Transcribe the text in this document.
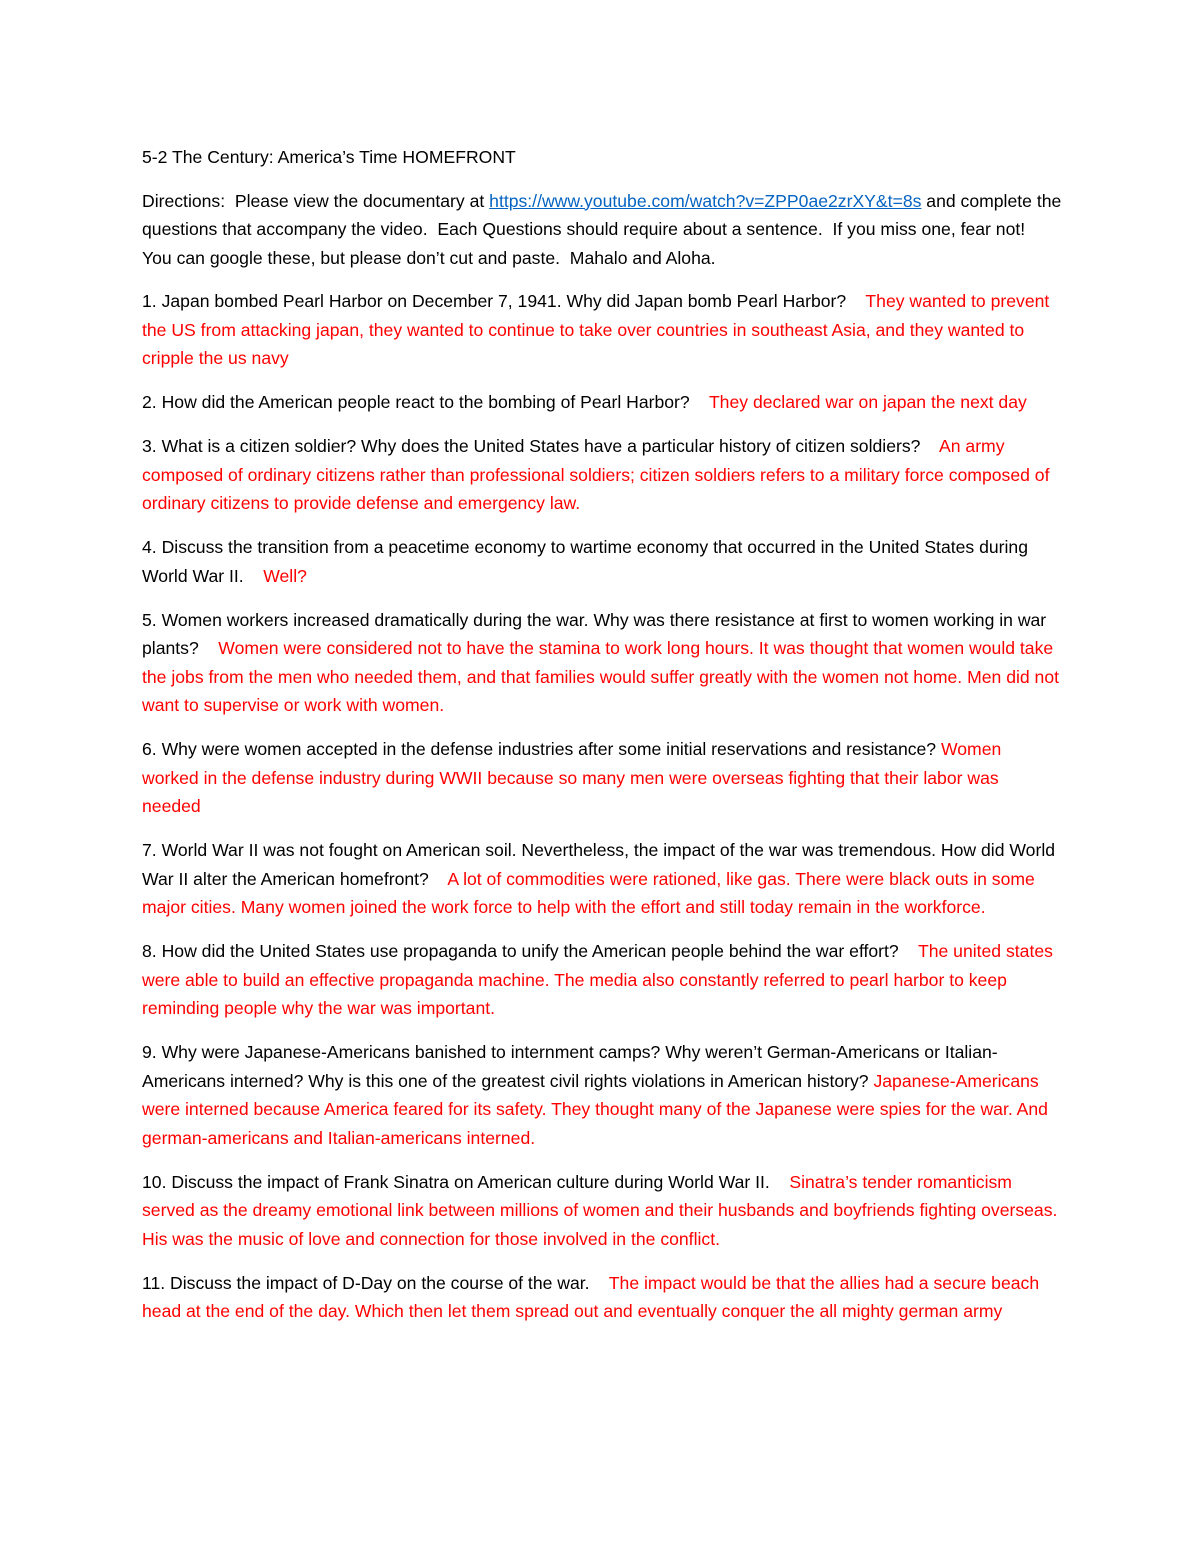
5-2 The Century: America’s Time HOMEFRONT

Directions:  Please view the documentary at https://www.youtube.com/watch?v=ZPP0ae2zrXY&t=8s and complete the questions that accompany the video.  Each Questions should require about a sentence.  If you miss one, fear not!  You can google these, but please don’t cut and paste.  Mahalo and Aloha.

1. Japan bombed Pearl Harbor on December 7, 1941. Why did Japan bomb Pearl Harbor?    They wanted to prevent the US from attacking japan, they wanted to continue to take over countries in southeast Asia, and they wanted to cripple the us navy

2. How did the American people react to the bombing of Pearl Harbor?    They declared war on japan the next day

3. What is a citizen soldier? Why does the United States have a particular history of citizen soldiers?    An army composed of ordinary citizens rather than professional soldiers; citizen soldiers refers to a military force composed of ordinary citizens to provide defense and emergency law.

4. Discuss the transition from a peacetime economy to wartime economy that occurred in the United States during World War II.    Well?

5. Women workers increased dramatically during the war. Why was there resistance at first to women working in war plants?    Women were considered not to have the stamina to work long hours. It was thought that women would take the jobs from the men who needed them, and that families would suffer greatly with the women not home. Men did not want to supervise or work with women.

6. Why were women accepted in the defense industries after some initial reservations and resistance? Women worked in the defense industry during WWII because so many men were overseas fighting that their labor was needed

7. World War II was not fought on American soil. Nevertheless, the impact of the war was tremendous. How did World War II alter the American homefront?    A lot of commodities were rationed, like gas. There were black outs in some major cities. Many women joined the work force to help with the effort and still today remain in the workforce.

8. How did the United States use propaganda to unify the American people behind the war effort?    The united states were able to build an effective propaganda machine. The media also constantly referred to pearl harbor to keep reminding people why the war was important.

9. Why were Japanese-Americans banished to internment camps? Why weren’t German-Americans or Italian-Americans interned? Why is this one of the greatest civil rights violations in American history? Japanese-Americans were interned because America feared for its safety. They thought many of the Japanese were spies for the war. And german-americans and Italian-americans interned.

10. Discuss the impact of Frank Sinatra on American culture during World War II.    Sinatra’s tender romanticism served as the dreamy emotional link between millions of women and their husbands and boyfriends fighting overseas. His was the music of love and connection for those involved in the conflict.

11. Discuss the impact of D-Day on the course of the war.    The impact would be that the allies had a secure beach head at the end of the day. Which then let them spread out and eventually conquer the all mighty german army
